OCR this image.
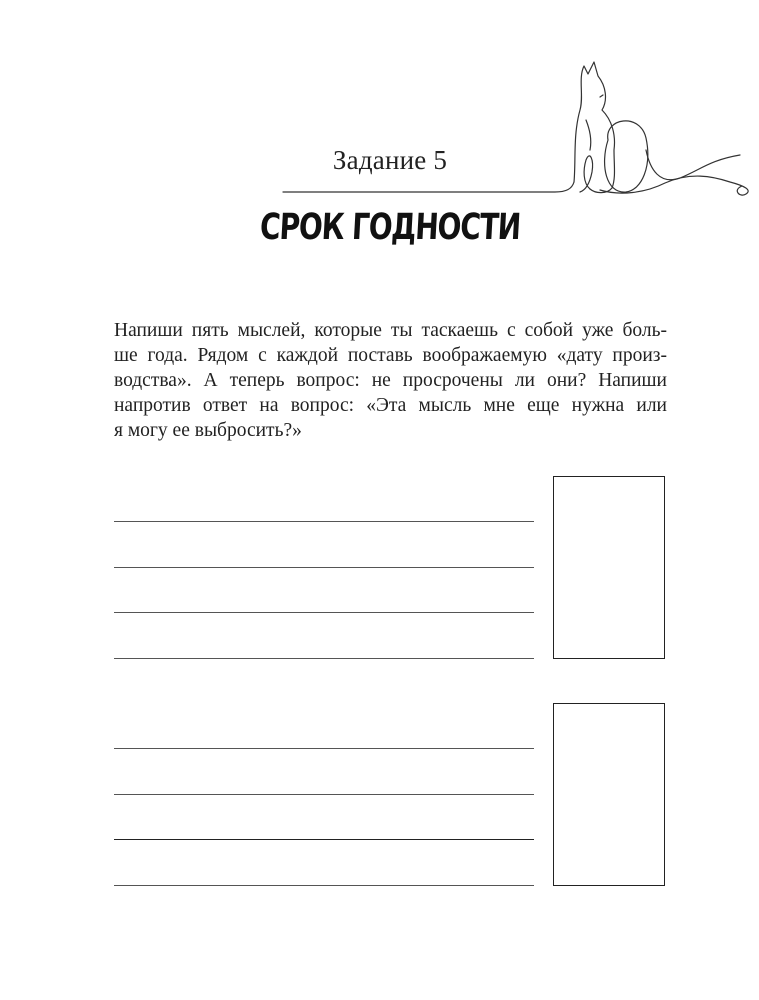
Задание 5
СРОК ГОДНОСТИ
Напиши пять мыслей, которые ты таскаешь с собой уже боль-
ше года. Рядом с каждой поставь воображаемую «дату произ-
водства». А теперь вопрос: не просрочены ли они? Напиши
напротив ответ на вопрос: «Эта мысль мне еще нужна или
я могу ее выбросить?»
